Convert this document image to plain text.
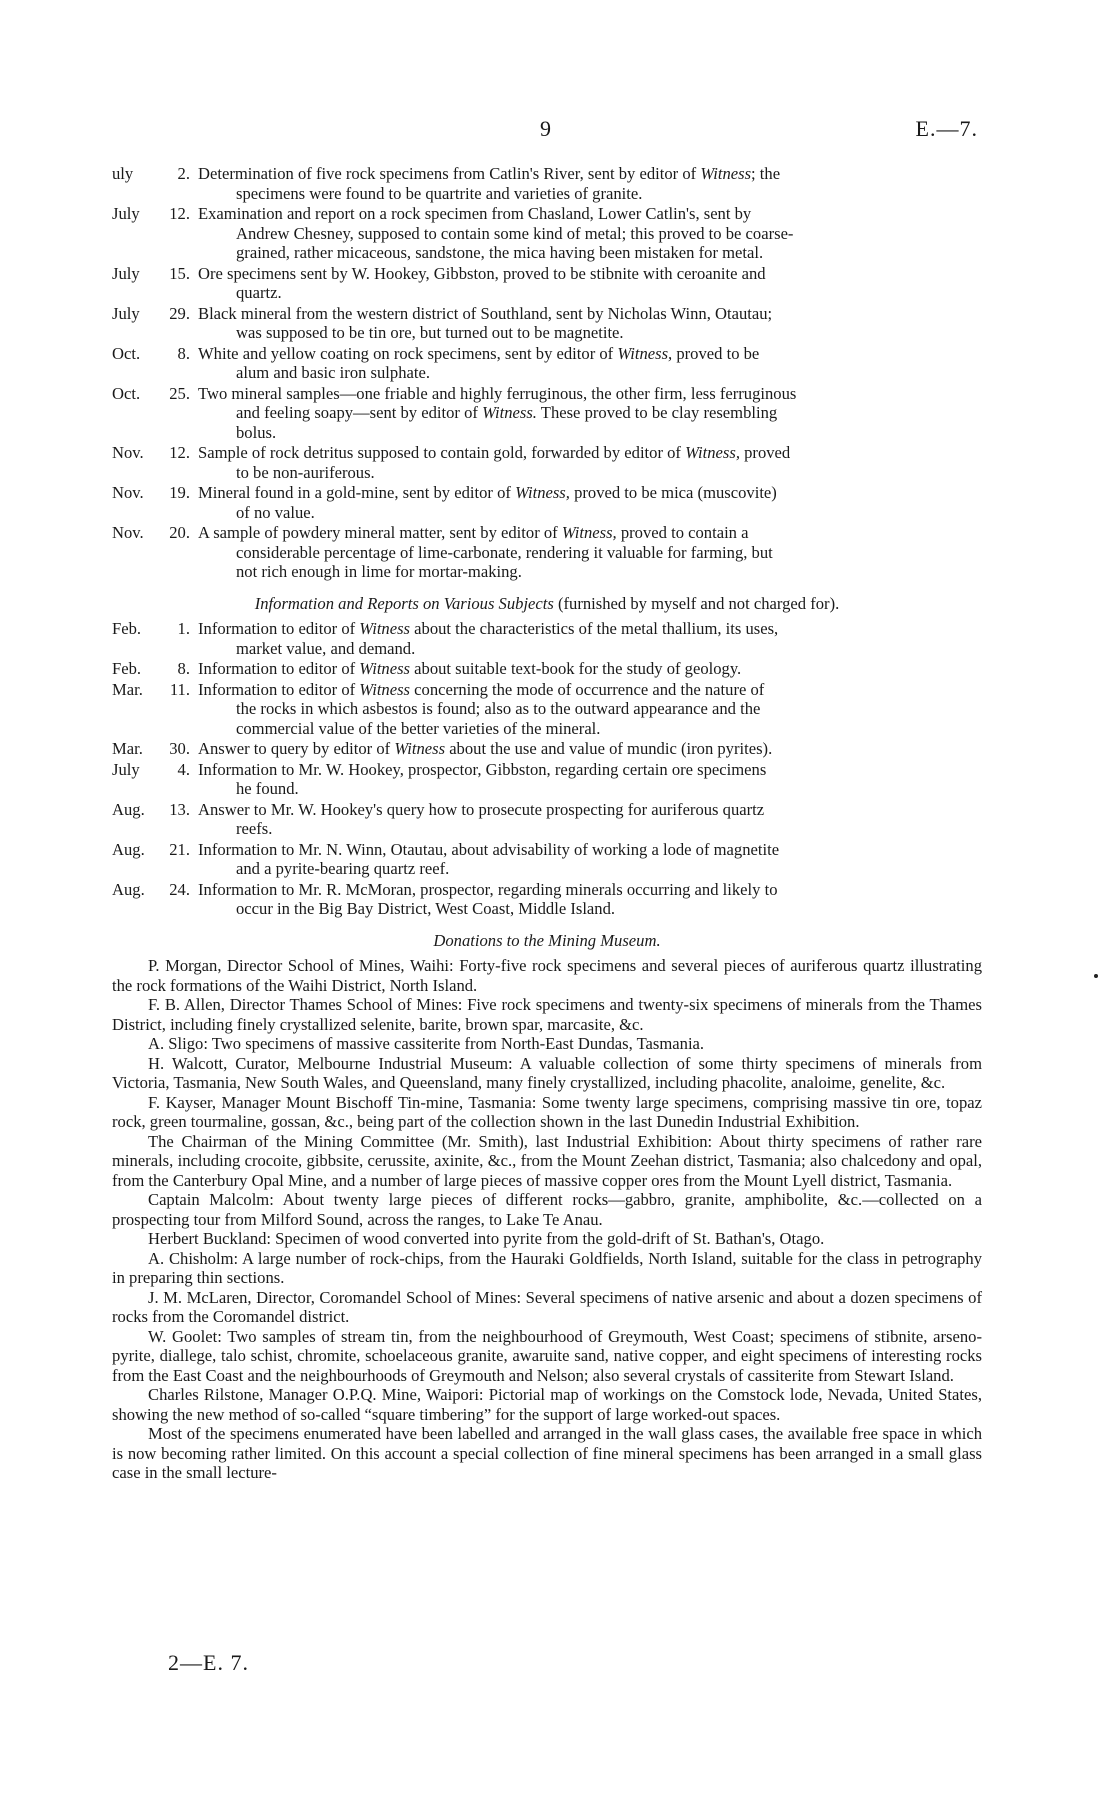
9	E.—7.
uly	2. Determination of five rock specimens from Catlin's River, sent by editor of Witness; the
specimens were found to be quartrite and varieties of granite.
July 12. Examination and report on a rock specimen from Chasland, Lower Catlin's, sent by
Andrew Chesney, supposed to contain some kind of metal; this proved to be coarse-
grained, rather micaceous, sandstone, the mica having been mistaken for metal.
July 15. Ore specimens sent by W. Hookey, Gibbston, proved to be stibnite with ceroanite and
quartz.
July 29. Black mineral from the western district of Southland, sent by Nicholas Winn, Otautau;
was supposed to be tin ore, but turned out to be magnetite.
Oct. 8. White and yellow coating on rock specimens, sent by editor of Witness, proved to be
alum and basic iron sulphate.
Oct. 25. Two mineral samples—one friable and highly ferruginous, the other firm, less ferruginous
and feeling soapy—sent by editor of Witness. These proved to be clay resembling
bolus.
Nov. 12. Sample of rock detritus supposed to contain gold, forwarded by editor of Witness, proved
to be non-auriferous.
Nov. 19. Mineral found in a gold-mine, sent by editor of Witness, proved to be mica (muscovite)
of no value.
Nov. 20. A sample of powdery mineral matter, sent by editor of Witness, proved to contain a
considerable percentage of lime-carbonate, rendering it valuable for farming, but
not rich enough in lime for mortar-making.
Information and Reports on Various Subjects (furnished by myself and not charged for).
Feb. 1. Information to editor of Witness about the characteristics of the metal thallium, its uses,
market value, and demand.
Feb. 8. Information to editor of Witness about suitable text-book for the study of geology.
Mar. 11. Information to editor of Witness concerning the mode of occurrence and the nature of
the rocks in which asbestos is found; also as to the outward appearance and the
commercial value of the better varieties of the mineral.
Mar. 30. Answer to query by editor of Witness about the use and value of mundic (iron pyrites).
July 4. Information to Mr. W. Hookey, prospector, Gibbston, regarding certain ore specimens
he found.
Aug. 13. Answer to Mr. W. Hookey's query how to prosecute prospecting for auriferous quartz
reefs.
Aug. 21. Information to Mr. N. Winn, Otautau, about advisability of working a lode of magnetite
and a pyrite-bearing quartz reef.
Aug. 24. Information to Mr. R. McMoran, prospector, regarding minerals occurring and likely to
occur in the Big Bay District, West Coast, Middle Island.
Donations to the Mining Museum.

P. Morgan, Director School of Mines, Waihi: Forty-five rock specimens and several pieces of auriferous quartz illustrating the rock formations of the Waihi District, North Island.

F. B. Allen, Director Thames School of Mines: Five rock specimens and twenty-six specimens of minerals from the Thames District, including finely crystallized selenite, barite, brown spar, marcasite, &c.

A. Sligo: Two specimens of massive cassiterite from North-East Dundas, Tasmania.

H. Walcott, Curator, Melbourne Industrial Museum: A valuable collection of some thirty specimens of minerals from Victoria, Tasmania, New South Wales, and Queensland, many finely crystallized, including phacolite, analoime, genelite, &c.

F. Kayser, Manager Mount Bischoff Tin-mine, Tasmania: Some twenty large specimens, comprising massive tin ore, topaz rock, green tourmaline, gossan, &c., being part of the collection shown in the last Dunedin Industrial Exhibition.

The Chairman of the Mining Committee (Mr. Smith), last Industrial Exhibition: About thirty specimens of rather rare minerals, including crocoite, gibbsite, cerussite, axinite, &c., from the Mount Zeehan district, Tasmania; also chalcedony and opal, from the Canterbury Opal Mine, and a number of large pieces of massive copper ores from the Mount Lyell district, Tasmania.

Captain Malcolm: About twenty large pieces of different rocks—gabbro, granite, amphibolite, &c.—collected on a prospecting tour from Milford Sound, across the ranges, to Lake Te Anau.

Herbert Buckland: Specimen of wood converted into pyrite from the gold-drift of St. Bathan's, Otago.

A. Chisholm: A large number of rock-chips, from the Hauraki Goldfields, North Island, suitable for the class in petrography in preparing thin sections.

J. M. McLaren, Director, Coromandel School of Mines: Several specimens of native arsenic and about a dozen specimens of rocks from the Coromandel district.

W. Goolet: Two samples of stream tin, from the neighbourhood of Greymouth, West Coast; specimens of stibnite, arseno-pyrite, diallege, talo schist, chromite, schoelaceous granite, awaruite sand, native copper, and eight specimens of interesting rocks from the East Coast and the neighbourhoods of Greymouth and Nelson; also several crystals of cassiterite from Stewart Island.

Charles Rilstone, Manager O.P.Q. Mine, Waipori: Pictorial map of workings on the Comstock lode, Nevada, United States, showing the new method of so-called “square timbering” for the support of large worked-out spaces.

Most of the specimens enumerated have been labelled and arranged in the wall glass cases, the available free space in which is now becoming rather limited. On this account a special collection of fine mineral specimens has been arranged in a small glass case in the small lecture-

2—E. 7.
